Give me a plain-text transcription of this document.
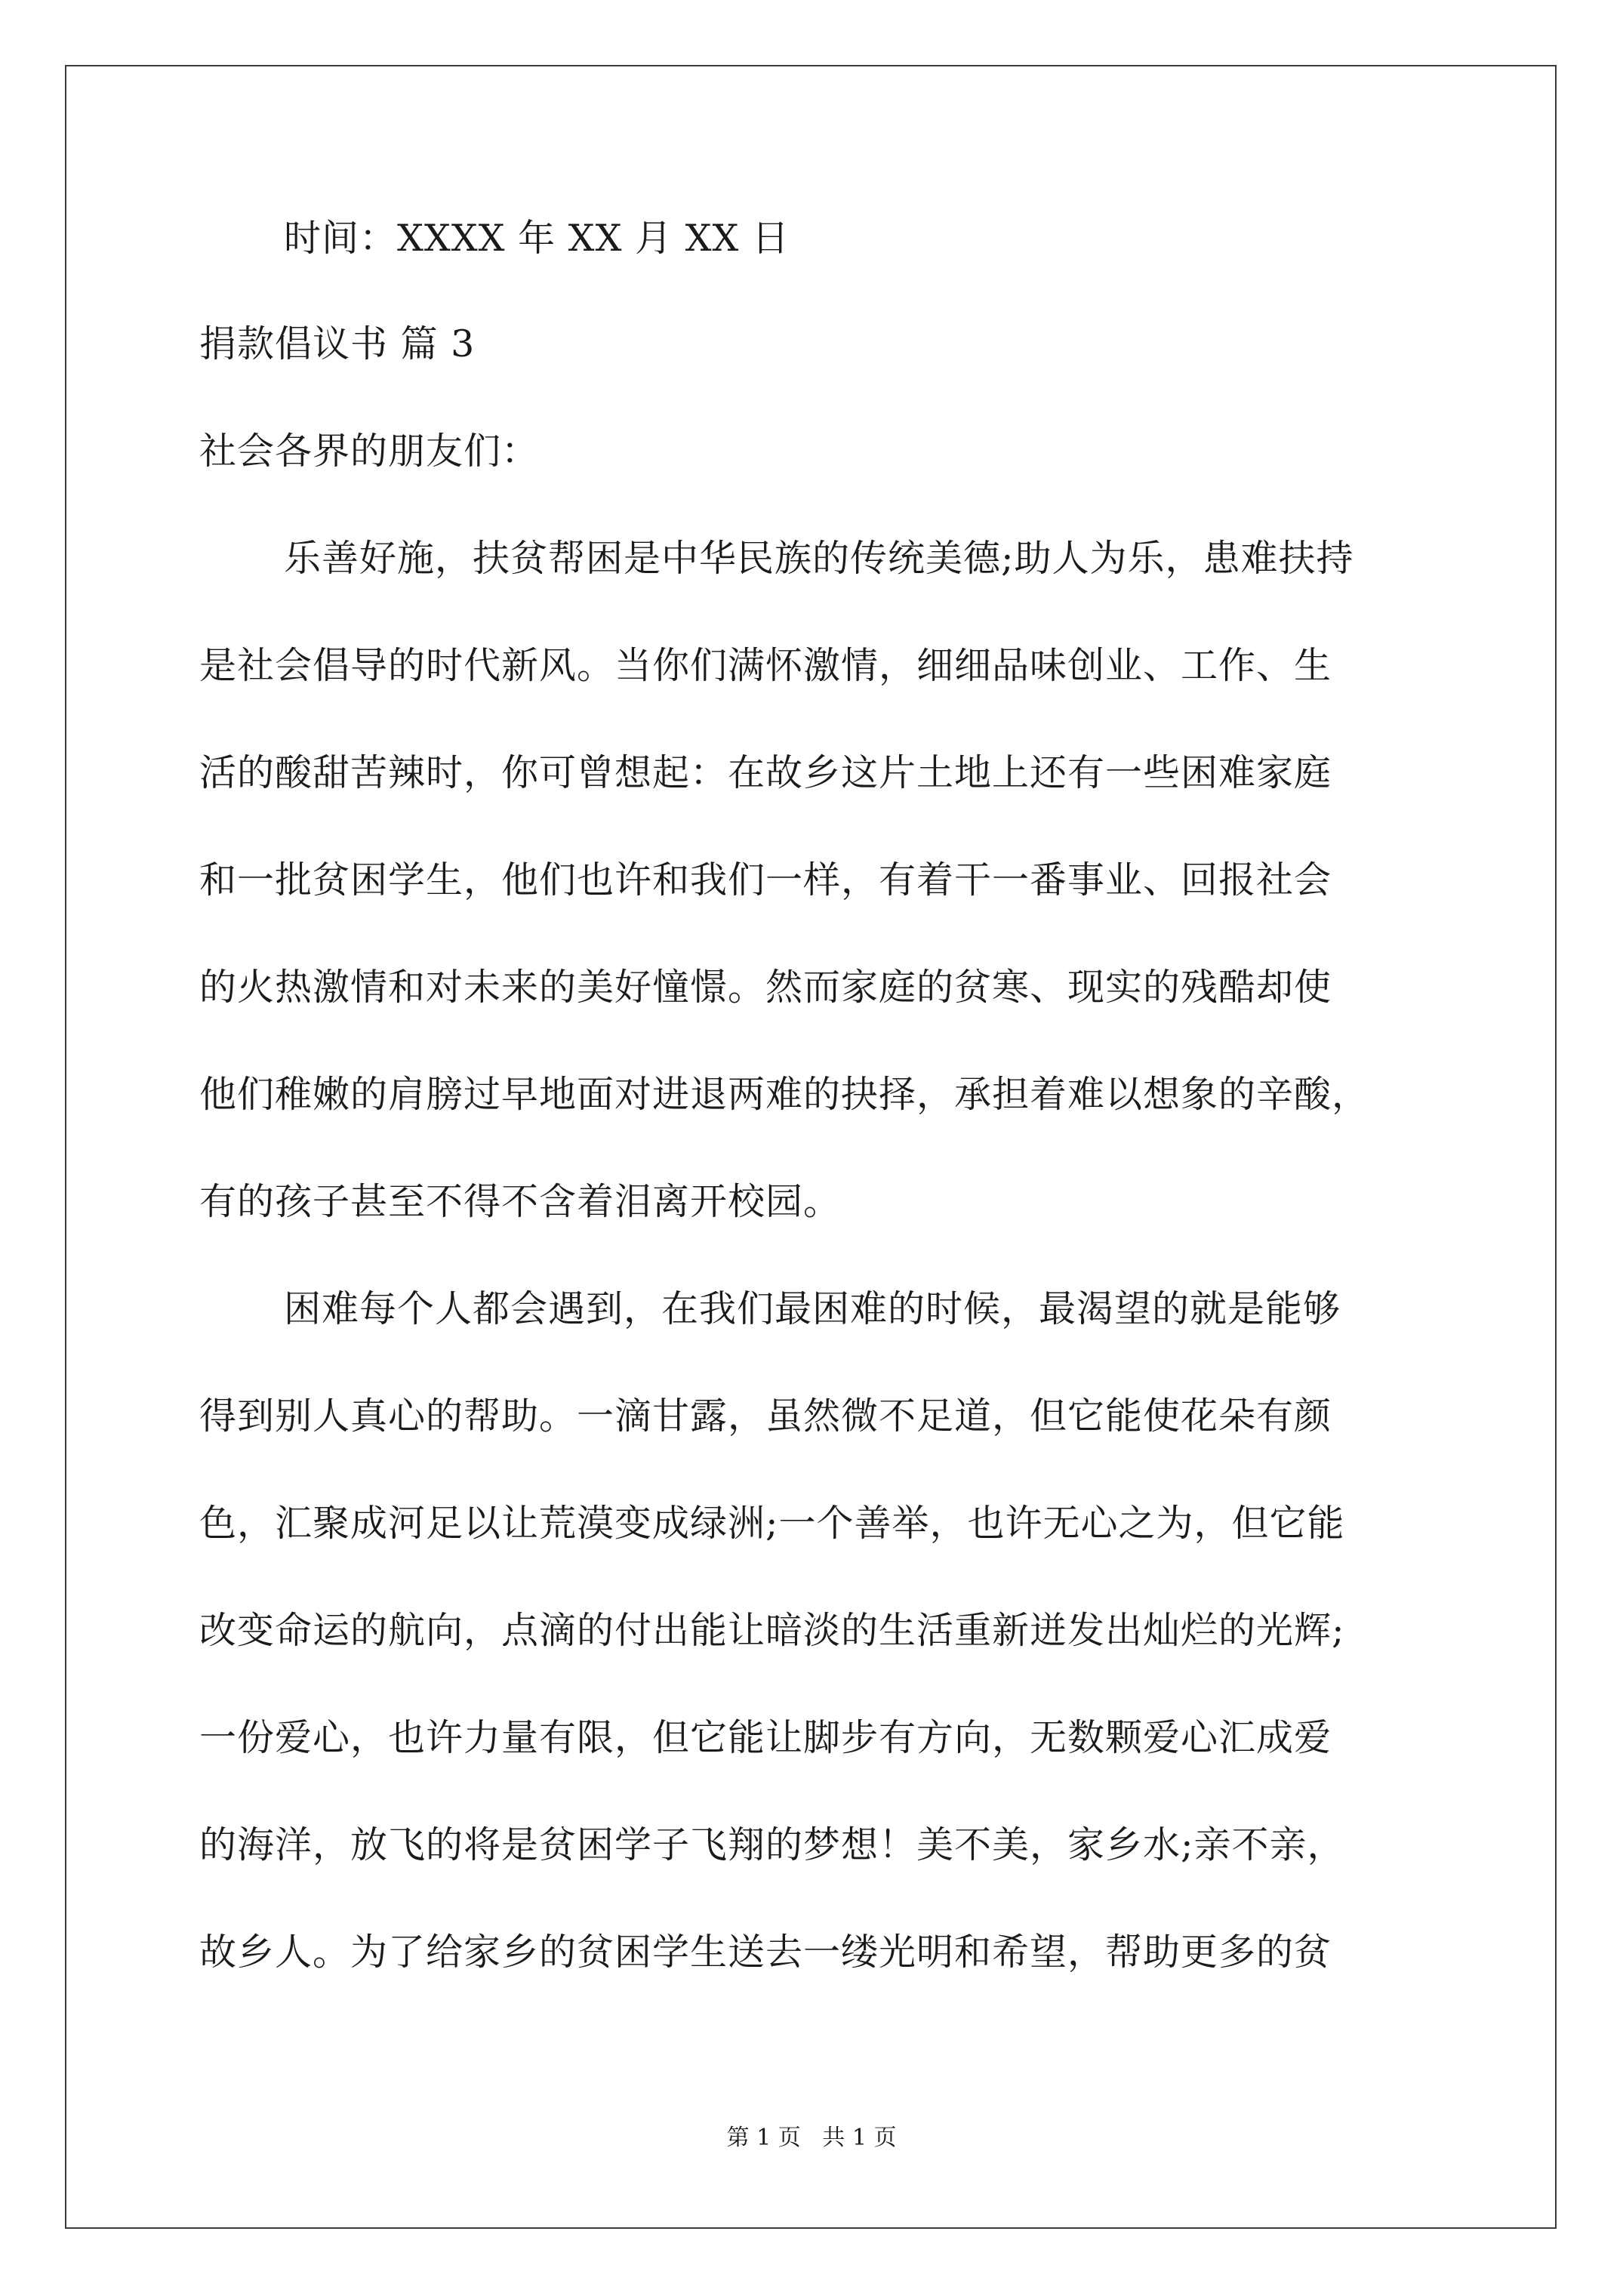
时间：XXXX 年 XX 月 XX 日
捐款倡议书 篇 3
社会各界的朋友们：
乐善好施，扶贫帮困是中华民族的传统美德;助人为乐，患难扶持
是社会倡导的时代新风。当你们满怀激情，细细品味创业、工作、生
活的酸甜苦辣时，你可曾想起：在故乡这片土地上还有一些困难家庭
和一批贫困学生，他们也许和我们一样，有着干一番事业、回报社会
的火热激情和对未来的美好憧憬。然而家庭的贫寒、现实的残酷却使
他们稚嫩的肩膀过早地面对进退两难的抉择，承担着难以想象的辛酸，
有的孩子甚至不得不含着泪离开校园。
困难每个人都会遇到，在我们最困难的时候，最渴望的就是能够
得到别人真心的帮助。一滴甘露，虽然微不足道，但它能使花朵有颜
色，汇聚成河足以让荒漠变成绿洲;一个善举，也许无心之为，但它能
改变命运的航向，点滴的付出能让暗淡的生活重新迸发出灿烂的光辉;
一份爱心，也许力量有限，但它能让脚步有方向，无数颗爱心汇成爱
的海洋，放飞的将是贫困学子飞翔的梦想！美不美，家乡水;亲不亲，
故乡人。为了给家乡的贫困学生送去一缕光明和希望，帮助更多的贫
第 1 页   共 1 页
